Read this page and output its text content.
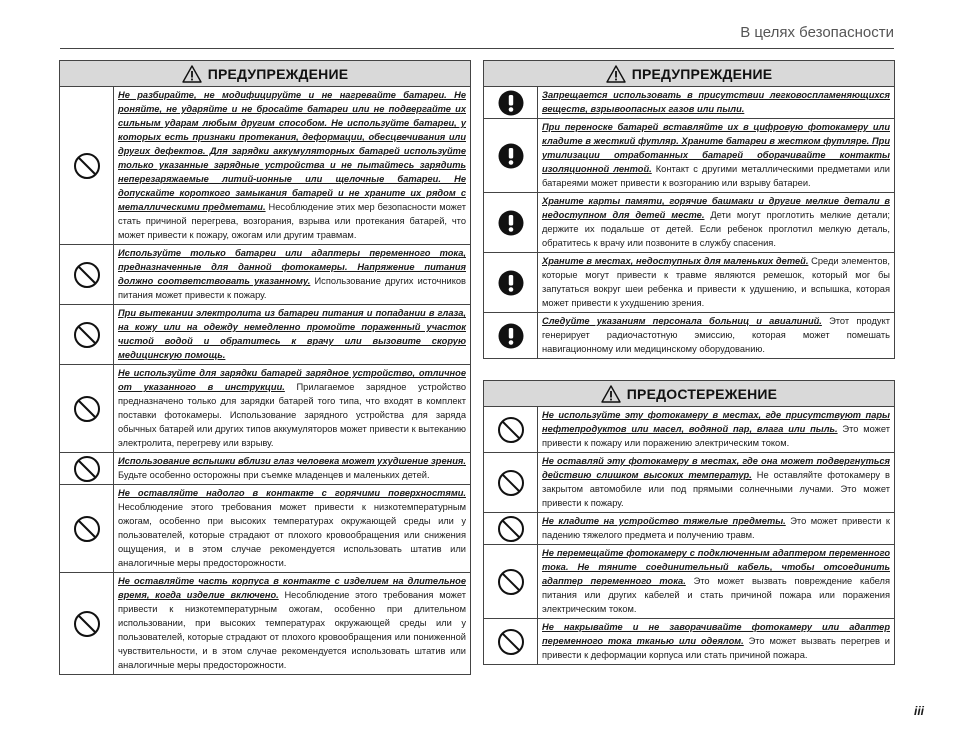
В целях безопасности
ПРЕДУПРЕЖДЕНИЕ
Не разбирайте, не модифицируйте и не нагревайте батареи. Не роняйте, не ударяйте и не бросайте батареи или не подвергайте их сильным ударам любым другим способом. Не используйте батареи, у которых есть признаки протекания, деформации, обесцвечивания или других дефектов. Для зарядки аккумуляторных батарей используйте только указанные зарядные устройства и не пытайтесь зарядить неперезаряжаемые литий-ионные или щелочные батареи. Не допускайте короткого замыкания батарей и не храните их рядом с металлическими предметами. Несоблюдение этих мер безопасности может стать причиной перегрева, возгорания, взрыва или протекания батарей, что может привести к пожару, ожогам или другим травмам.
Используйте только батареи или адаптеры переменного тока, предназначенные для данной фотокамеры. Напряжение питания должно соответствовать указанному. Использование других источников питания может привести к пожару.
При вытекании электролита из батареи питания и попадании в глаза, на кожу или на одежду немедленно промойте пораженный участок чистой водой и обратитесь к врачу или вызовите скорую медицинскую помощь.
Не используйте для зарядки батарей зарядное устройство, отличное от указанного в инструкции. Прилагаемое зарядное устройство предназначено только для зарядки батарей того типа, что входят в комплект поставки фотокамеры. Использование зарядного устройства для заряда обычных батарей или других типов аккумуляторов может привести к вытеканию электролита, перегреву или взрыву.
Использование вспышки вблизи глаз человека может ухудшение зрения. Будьте особенно осторожны при съемке младенцев и маленьких детей.
Не оставляйте надолго в контакте с горячими поверхностями. Несоблюдение этого требования может привести к низкотемпературным ожогам, особенно при высоких температурах окружающей среды или у пользователей, которые страдают от плохого кровообращения или снижения ощущения, и в этом случае рекомендуется использовать штатив или аналогичные меры предосторожности.
Не оставляйте часть корпуса в контакте с изделием на длительное время, когда изделие включено. Несоблюдение этого требования может привести к низкотемпературным ожогам, особенно при длительном использовании, при высоких температурах окружающей среды или у пользователей, которые страдают от плохого кровообращения или пониженной чувствительности, и в этом случае рекомендуется использовать штатив или аналогичные меры предосторожности.
ПРЕДУПРЕЖДЕНИЕ
Запрещается использовать в присутствии легковоспламеняющихся веществ, взрывоопасных газов или пыли.
При переноске батарей вставляйте их в цифровую фотокамеру или кладите в жесткий футляр. Храните батареи в жестком футляре. При утилизации отработанных батарей оборачивайте контакты изоляционной лентой. Контакт с другими металлическими предметами или батареями может привести к возгоранию или взрыву батареи.
Храните карты памяти, горячие башмаки и другие мелкие детали в недоступном для детей месте. Дети могут проглотить мелкие детали; держите их подальше от детей. Если ребенок проглотил мелкую деталь, обратитесь к врачу или позвоните в службу спасения.
Храните в местах, недоступных для маленьких детей. Среди элементов, которые могут привести к травме являются ремешок, который мог бы запутаться вокруг шеи ребенка и привести к удушению, и вспышка, которая может привести к ухудшению зрения.
Следуйте указаниям персонала больниц и авиалиний. Этот продукт генерирует радиочастотную эмиссию, которая может помешать навигационному или медицинскому оборудованию.
ПРЕДОСТЕРЕЖЕНИЕ
Не используйте эту фотокамеру в местах, где присутствуют пары нефтепродуктов или масел, водяной пар, влага или пыль. Это может привести к пожару или поражению электрическим током.
Не оставляй эту фотокамеру в местах, где она может подвергнуться действию слишком высоких температур. Не оставляйте фотокамеру в закрытом автомобиле или под прямыми солнечными лучами. Это может привести к пожару.
Не кладите на устройство тяжелые предметы. Это может привести к падению тяжелого предмета и получению травм.
Не перемещайте фотокамеру с подключенным адаптером переменного тока. Не тяните соединительный кабель, чтобы отсоединить адаптер переменного тока. Это может вызвать повреждение кабеля питания или других кабелей и стать причиной пожара или поражения электрическим током.
Не накрывайте и не заворачивайте фотокамеру или адаптер переменного тока тканью или одеялом. Это может вызвать перегрев и привести к деформации корпуса или стать причиной пожара.
iii
